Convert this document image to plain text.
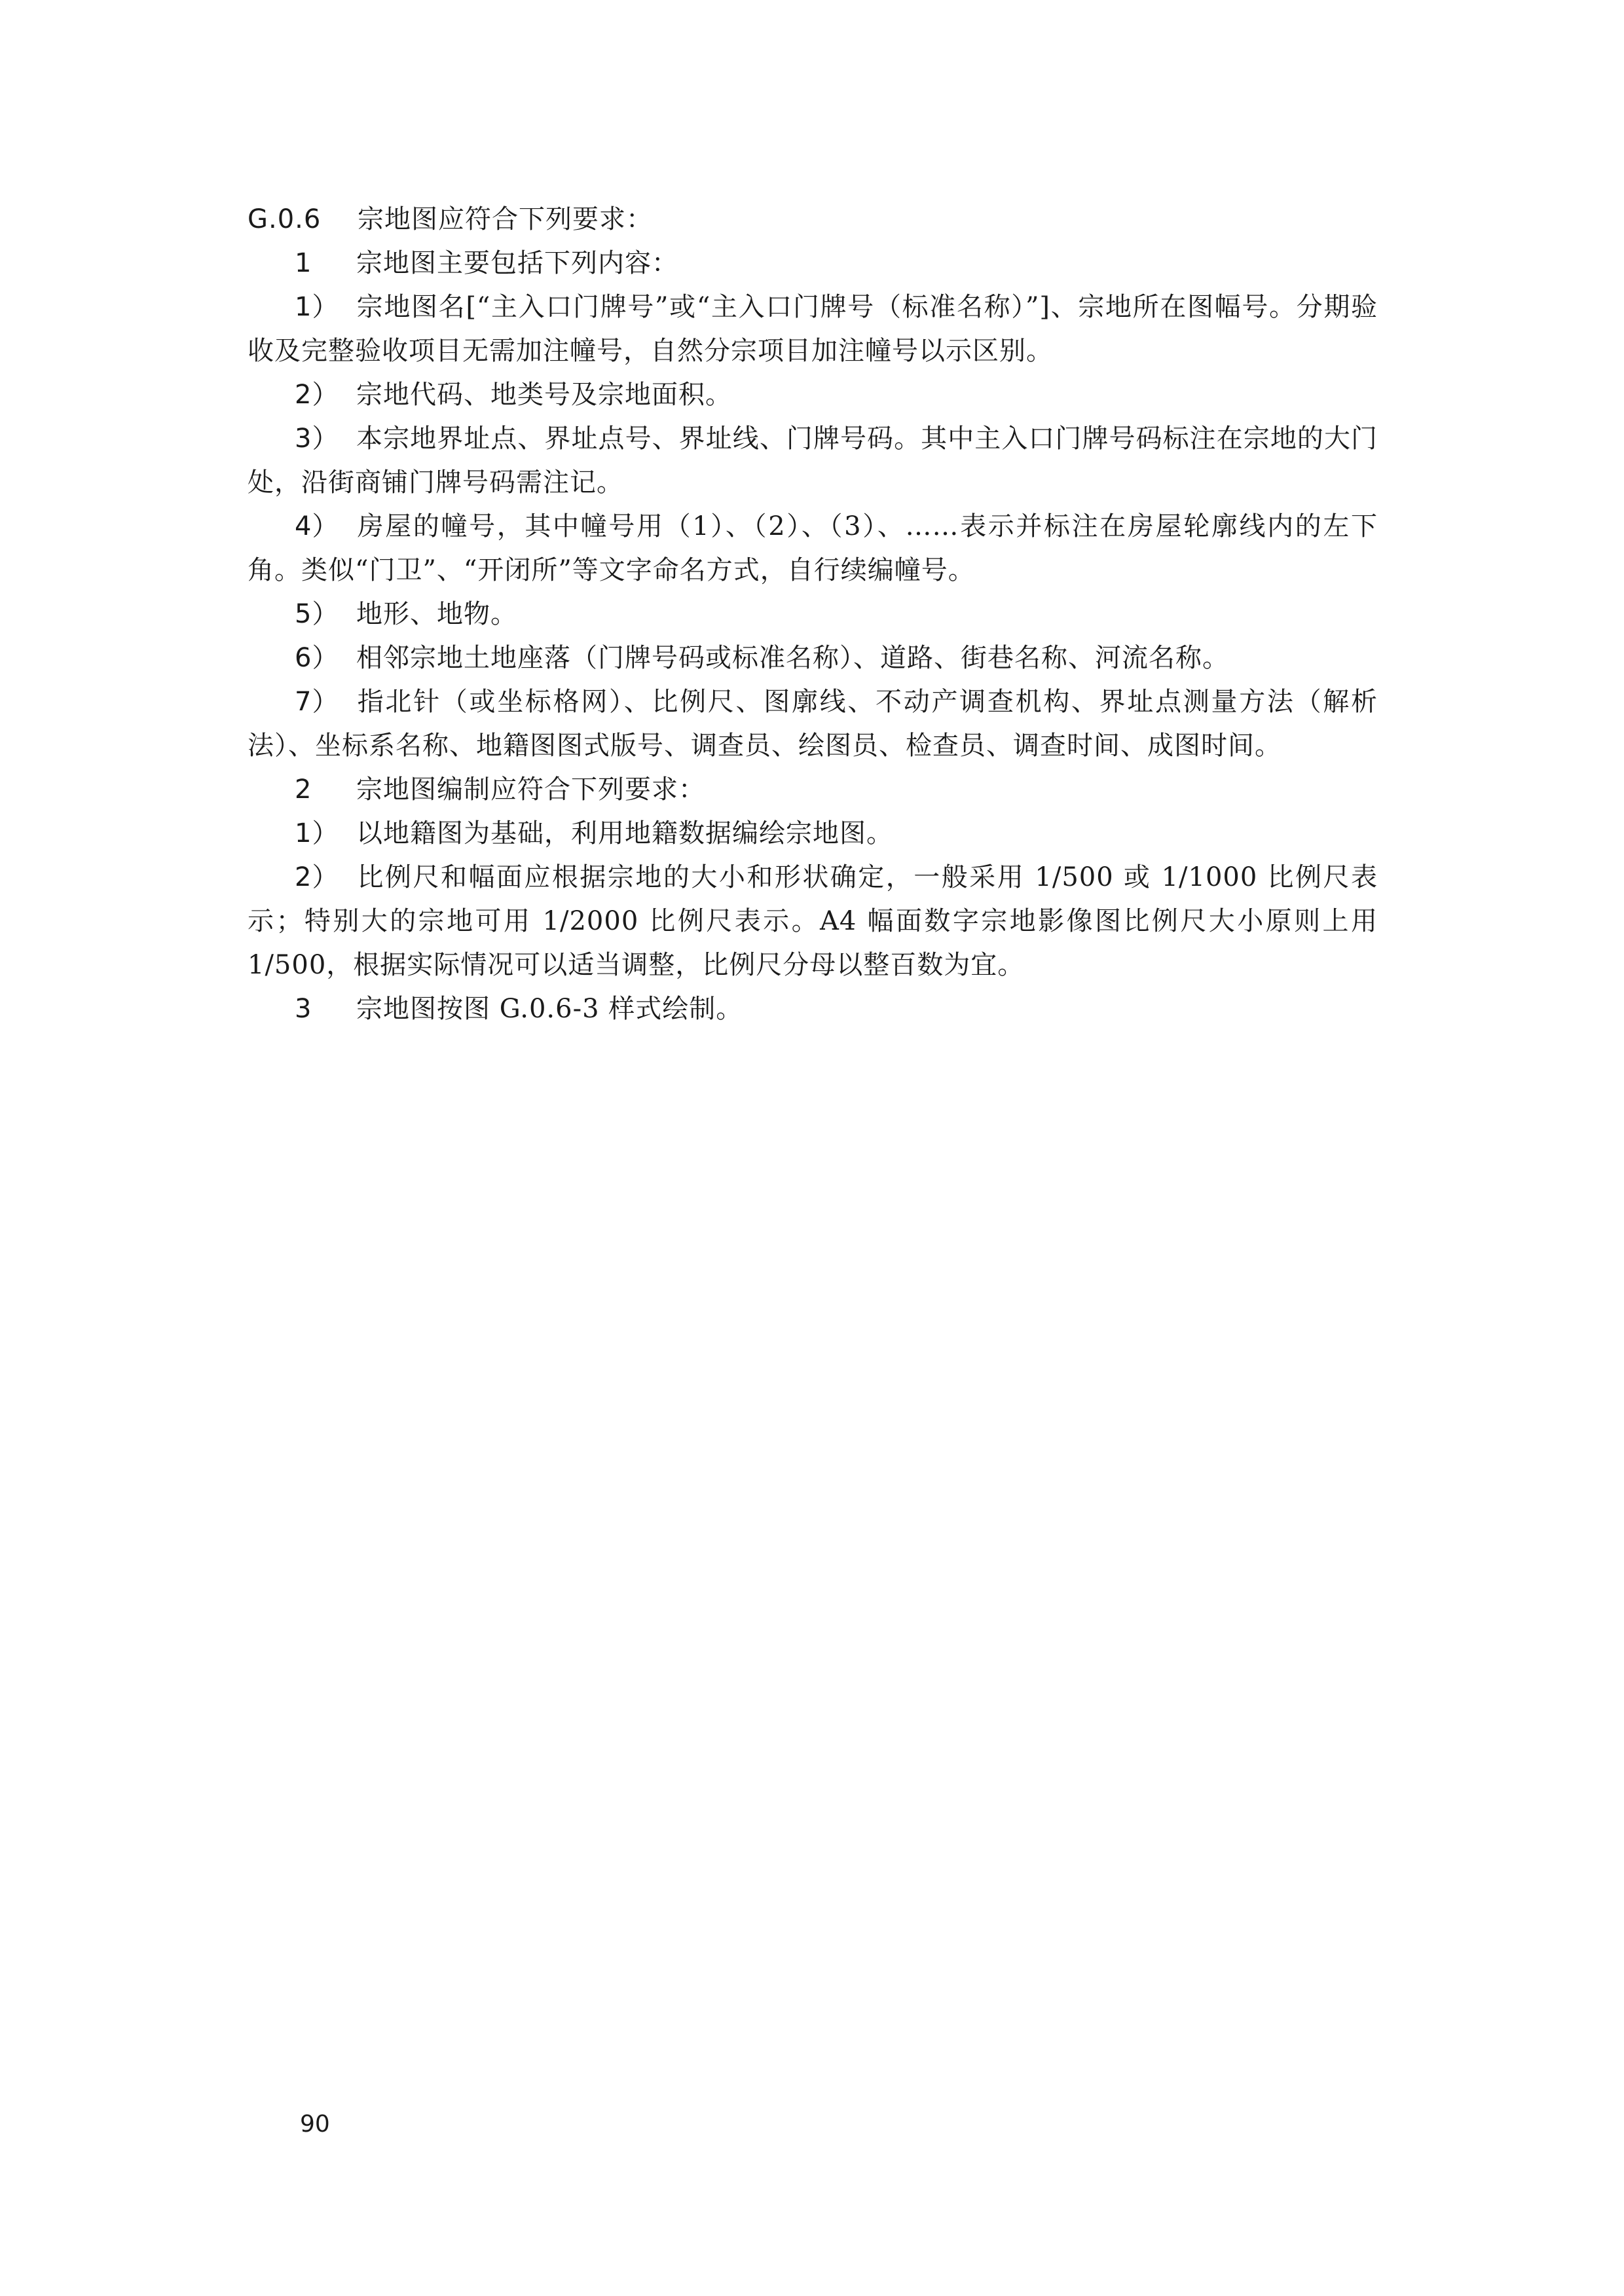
G.0.6 宗地图应符合下列要求：

1 宗地图主要包括下列内容：

1） 宗地图名[“主入口门牌号”或“主入口门牌号（标准名称）”]、宗地所在图幅号。分期验收及完整验收项目无需加注幢号，自然分宗项目加注幢号以示区别。

2） 宗地代码、地类号及宗地面积。

3） 本宗地界址点、界址点号、界址线、门牌号码。其中主入口门牌号码标注在宗地的大门处，沿街商铺门牌号码需注记。

4） 房屋的幢号，其中幢号用（1）、（2）、（3）、……表示并标注在房屋轮廓线内的左下角。类似“门卫”、“开闭所”等文字命名方式，自行续编幢号。

5） 地形、地物。

6） 相邻宗地土地座落（门牌号码或标准名称）、道路、街巷名称、河流名称。

7） 指北针（或坐标格网）、比例尺、图廓线、不动产调查机构、界址点测量方法（解析法）、坐标系名称、地籍图图式版号、调查员、绘图员、检查员、调查时间、成图时间。

2 宗地图编制应符合下列要求：

1） 以地籍图为基础，利用地籍数据编绘宗地图。

2） 比例尺和幅面应根据宗地的大小和形状确定，一般采用 1/500 或 1/1000 比例尺表示；特别大的宗地可用 1/2000 比例尺表示。A4 幅面数字宗地影像图比例尺大小原则上用 1/500，根据实际情况可以适当调整，比例尺分母以整百数为宜。

3 宗地图按图 G.0.6-3 样式绘制。

90
